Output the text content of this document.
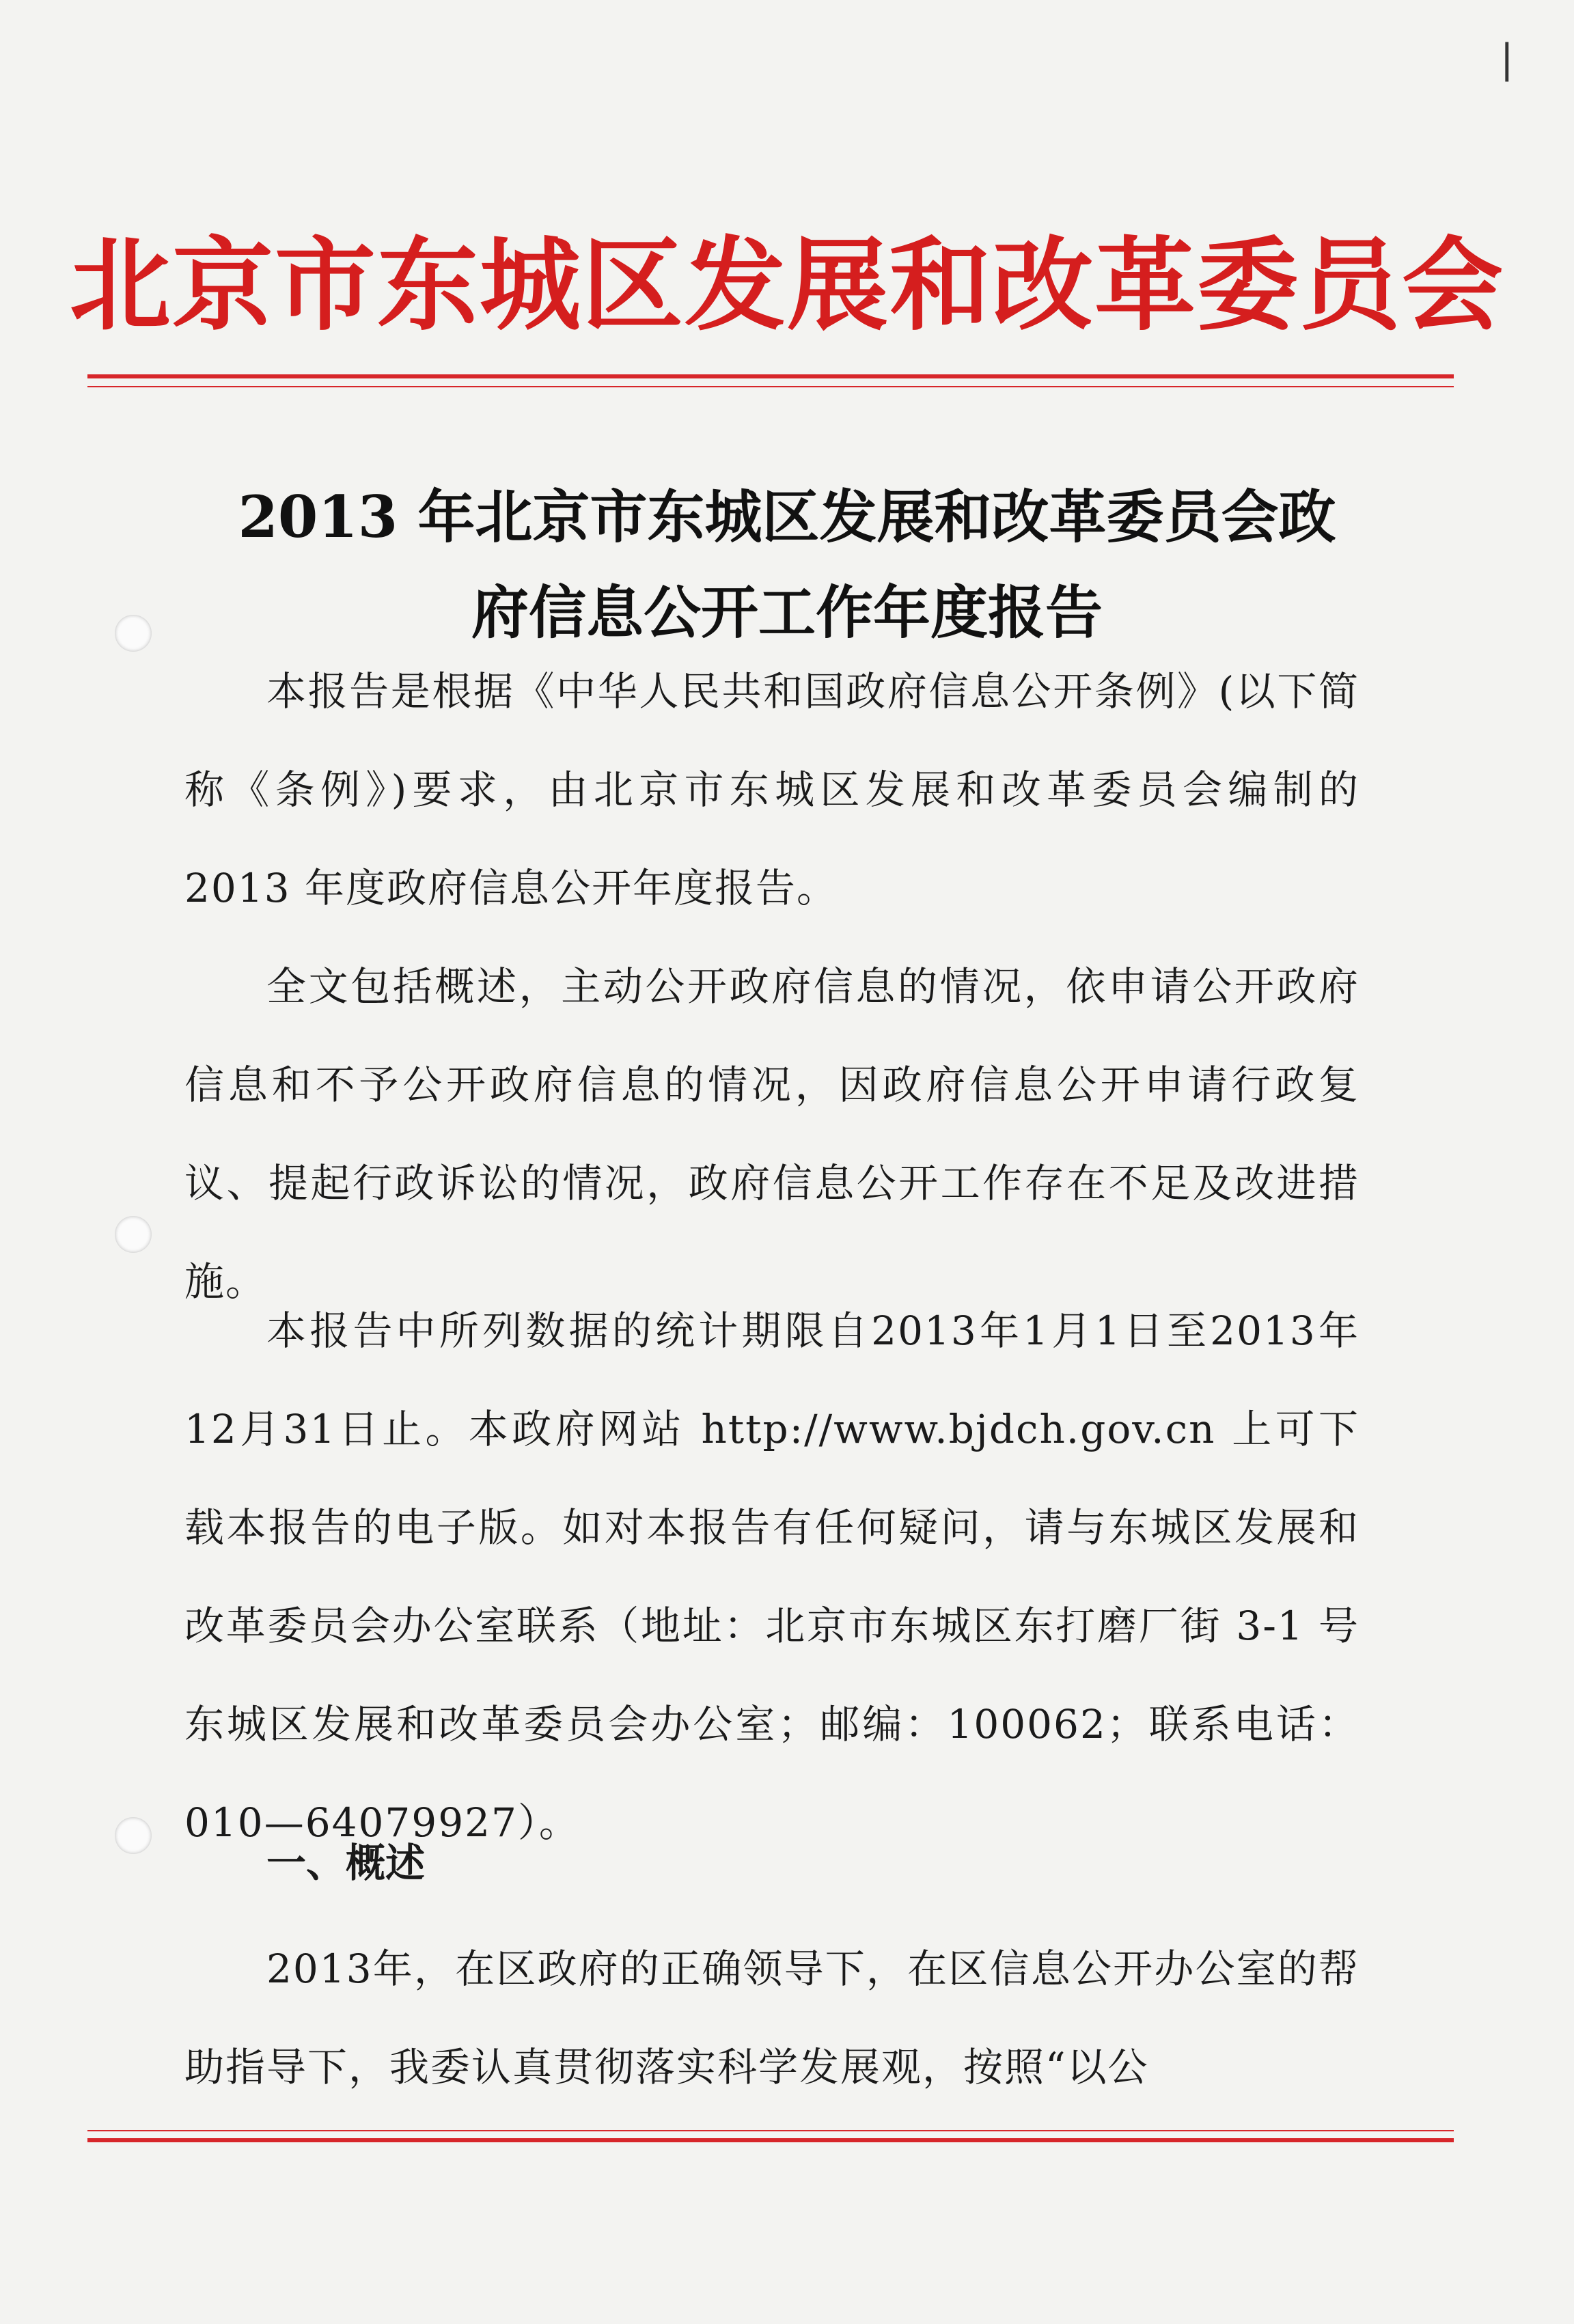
|
北京市东城区发展和改革委员会
2013 年北京市东城区发展和改革委员会政
府信息公开工作年度报告
本报告是根据《中华人民共和国政府信息公开条例》(以下简称《条例》)要求，由北京市东城区发展和改革委员会编制的 2013 年度政府信息公开年度报告。
全文包括概述，主动公开政府信息的情况，依申请公开政府信息和不予公开政府信息的情况，因政府信息公开申请行政复议、提起行政诉讼的情况，政府信息公开工作存在不足及改进措施。
本报告中所列数据的统计期限自2013年1月1日至2013年12月31日止。本政府网站 http://www.bjdch.gov.cn 上可下载本报告的电子版。如对本报告有任何疑问，请与东城区发展和改革委员会办公室联系（地址：北京市东城区东打磨厂街 3-1 号东城区发展和改革委员会办公室；邮编：100062；联系电话：010—64079927）。
一、概述
2013年，在区政府的正确领导下，在区信息公开办公室的帮助指导下，我委认真贯彻落实科学发展观，按照“以公
